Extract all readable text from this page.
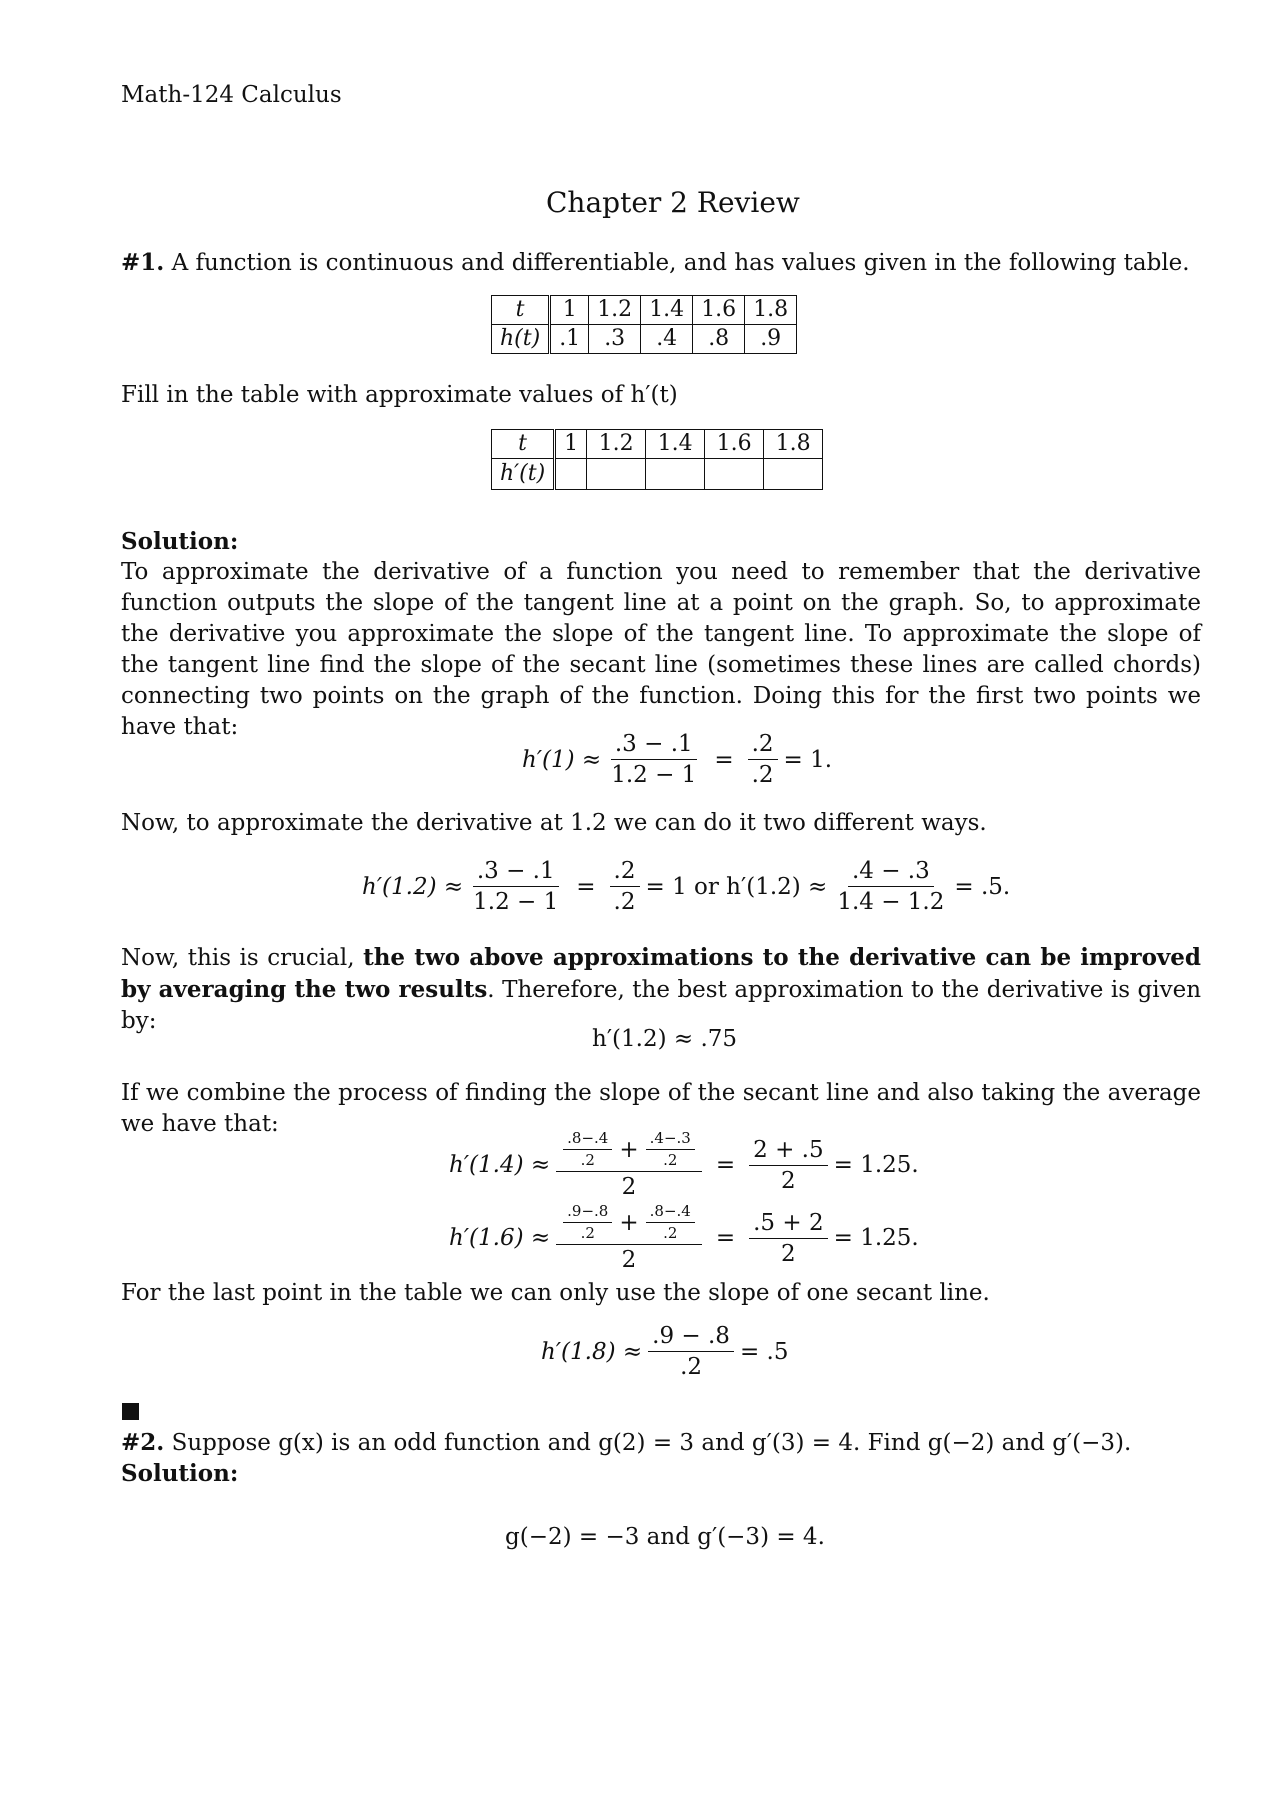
Math-124 Calculus
Chapter 2 Review
#1. A function is continuous and differentiable, and has values given in the following table.
t	1	1.2	1.4	1.6	1.8
h(t)	.1	.3	.4	.8	.9
Fill in the table with approximate values of h′(t)
t	1	1.2	1.4	1.6	1.8
h′(t)					
Solution:
To approximate the derivative of a function you need to remember that the derivative function outputs the slope of the tangent line at a point on the graph. So, to approximate the derivative you approximate the slope of the tangent line. To approximate the slope of the tangent line find the slope of the secant line (sometimes these lines are called chords) connecting two points on the graph of the function. Doing this for the first two points we have that:
$h'(1) \approx \frac{.3 - .1}{1.2 - 1} = \frac{.2}{.2} = 1$.
Now, to approximate the derivative at 1.2 we can do it two different ways.
$h'(1.2) \approx \frac{.3 - .1}{1.2 - 1} = \frac{.2}{.2} = 1$ or $h'(1.2) \approx \frac{.4 - .3}{1.4 - 1.2} = .5$.
Now, this is crucial, the two above approximations to the derivative can be improved by averaging the two results. Therefore, the best approximation to the derivative is given by:
h′(1.2) ≈ .75
If we combine the process of finding the slope of the secant line and also taking the average we have that:
$h'(1.4) \approx \frac{.8-.4}{.2} + \frac{.4-.3}{.2}$
2
= $\frac{2 + .5}{2} = 1.25$.
$h'(1.6) \approx \frac{.9-.8}{.2} + \frac{.8-.4}{.2}$
2
= $\frac{.5 + 2}{2} = 1.25$.
For the last point in the table we can only use the slope of one secant line.
$h'(1.8) \approx \frac{.9 - .8}{.2} = .5$
#2. Suppose g(x) is an odd function and g(2) = 3 and g′(3) = 4. Find g(−2) and g′(−3).
Solution:
g(−2) = −3 and g′(−3) = 4.
